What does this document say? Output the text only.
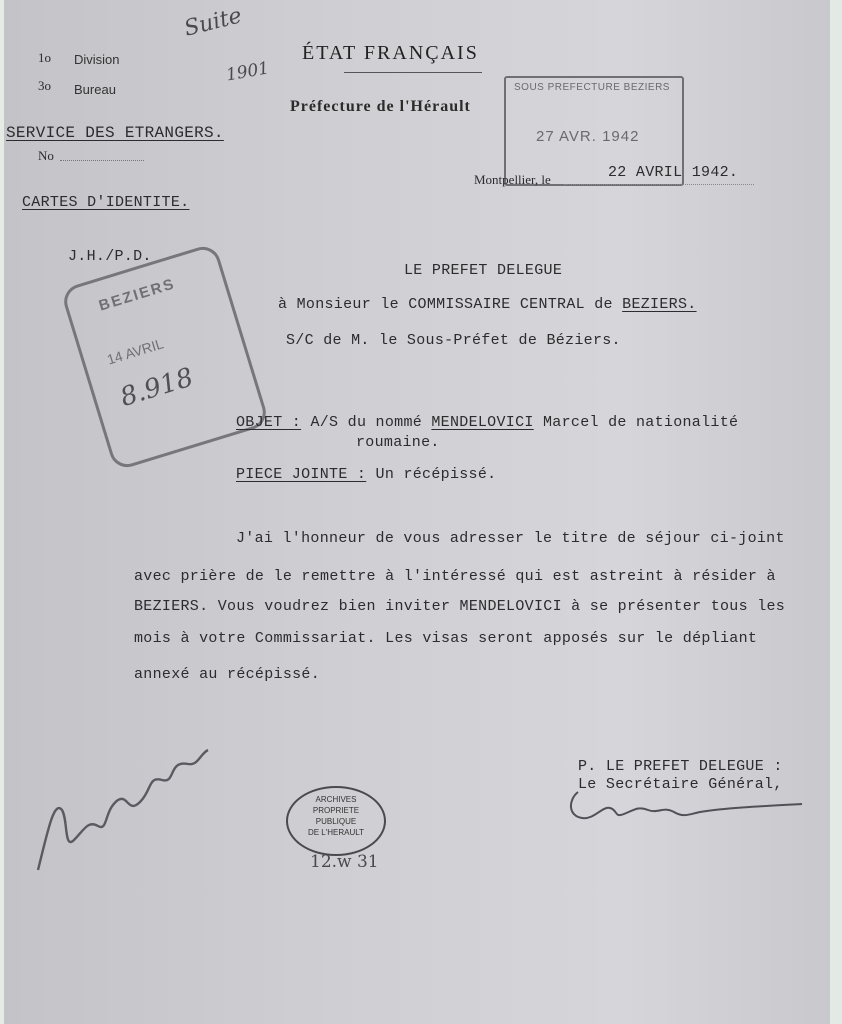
1o Division
3o Bureau
Suite
1901
SERVICE DES ETRANGERS.
No
CARTES D'IDENTITE.
J.H./P.D.
ÉTAT FRANÇAIS
Préfecture de l'Hérault
SOUS PREFECTURE BEZIERS
27 AVR. 1942
Montpellier, le	22 AVRIL 1942.
BEZIERS
14 AVRIL
8.918
LE PREFET DELEGUE
à Monsieur le COMMISSAIRE CENTRAL de BEZIERS.
S/C de M. le Sous-Préfet de Béziers.
OBJET : A/S du nommé MENDELOVICI Marcel de nationalité
roumaine.
PIECE JOINTE : Un récépissé.
J'ai l'honneur de vous adresser le titre de séjour ci-joint
avec prière de le remettre à l'intéressé qui est astreint à résider à
BEZIERS. Vous voudrez bien inviter MENDELOVICI à se présenter tous les
mois à votre Commissariat. Les visas seront apposés sur le dépliant
annexé au récépissé.
P. LE PREFET DELEGUE :
Le Secrétaire Général,
ARCHIVES
PROPRIETE
PUBLIQUE
DE L'HERAULT
12.w 31
